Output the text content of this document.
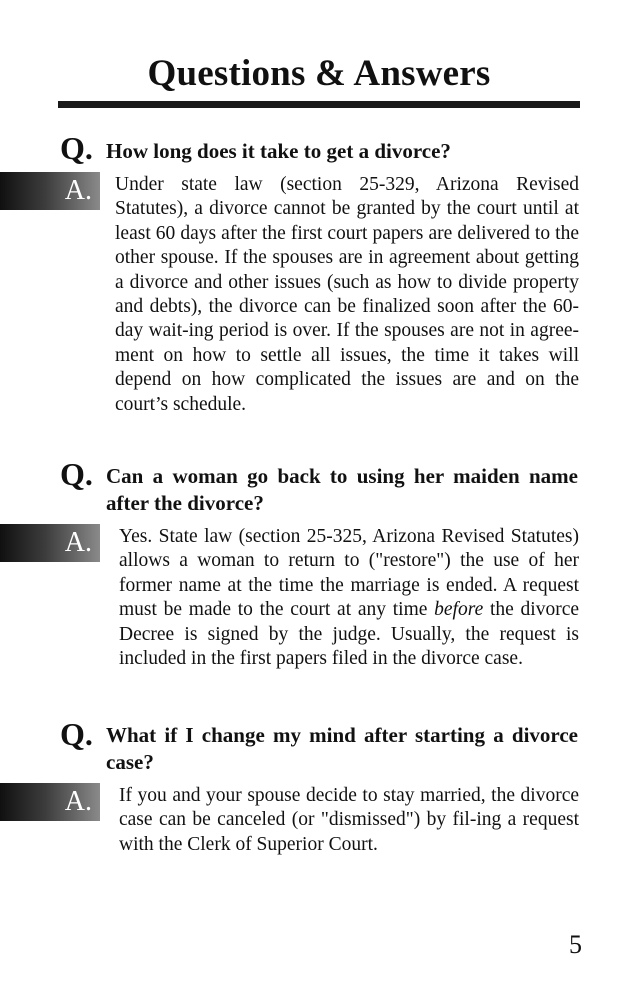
Questions & Answers
Q. How long does it take to get a divorce?
A. Under state law (section 25-329, Arizona Revised Statutes), a divorce cannot be granted by the court until at least 60 days after the first court papers are delivered to the other spouse. If the spouses are in agreement about getting a divorce and other issues (such as how to divide property and debts), the divorce can be finalized soon after the 60-day wait-ing period is over. If the spouses are not in agree-ment on how to settle all issues, the time it takes will depend on how complicated the issues are and on the court’s schedule.
Q. Can a woman go back to using her maiden name after the divorce?
A. Yes. State law (section 25-325, Arizona Revised Statutes) allows a woman to return to ("restore") the use of her former name at the time the marriage is ended. A request must be made to the court at any time before the divorce Decree is signed by the judge. Usually, the request is included in the first papers filed in the divorce case.
Q. What if I change my mind after starting a divorce case?
A. If you and your spouse decide to stay married, the divorce case can be canceled (or "dismissed") by fil-ing a request with the Clerk of Superior Court.
5
